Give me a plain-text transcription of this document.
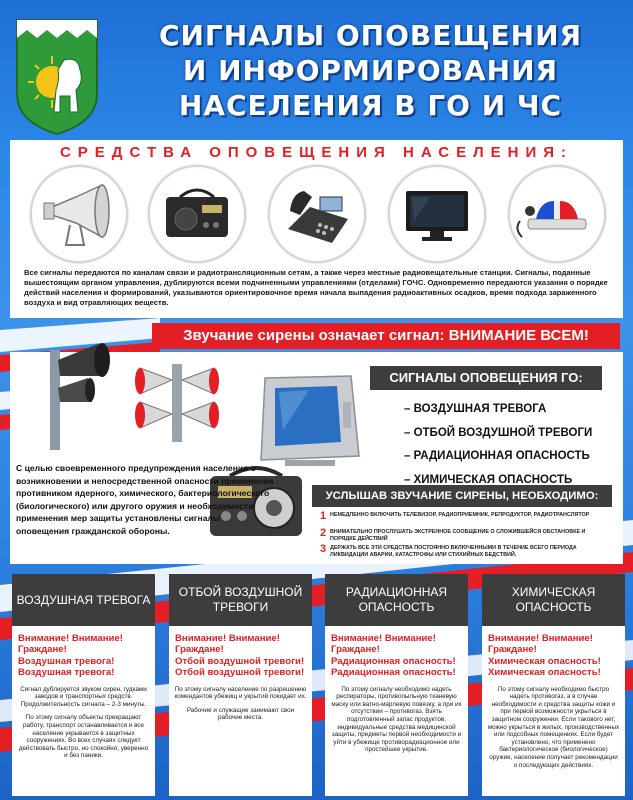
СИГНАЛЫ ОПОВЕЩЕНИЯ
И ИНФОРМИРОВАНИЯ
НАСЕЛЕНИЯ В ГО И ЧС
СРЕДСТВА ОПОВЕЩЕНИЯ НАСЕЛЕНИЯ:
Все сигналы передаются по каналам связи и радиотрансляционным сетям, а также через местные радиовещательные станции. Сигналы, поданные вышестоящим органом управления, дублируются всеми подчиненными управлениями (отделами) ГОЧС. Одновременно передаются указания о порядке действий населения и формирований, указываются ориентировочное время начала выпадения радиоактивных осадков, время подхода зараженного воздуха и вид отравляющих веществ.
Звучание сирены означает сигнал: ВНИМАНИЕ ВСЕМ!
СИГНАЛЫ ОПОВЕЩЕНИЯ ГО:
– ВОЗДУШНАЯ ТРЕВОГА
– ОТБОЙ ВОЗДУШНОЙ ТРЕВОГИ
– РАДИАЦИОННАЯ ОПАСНОСТЬ
– ХИМИЧЕСКАЯ ОПАСНОСТЬ
С целью своевременного предупреждения населения о возникновении и непосредственной опасности применения противником ядерного, химического, бактериологического (биологического) или другого оружия и необходимости применения мер защиты установлены сигналы оповещения гражданской обороны.
УСЛЫШАВ ЗВУЧАНИЕ СИРЕНЫ, НЕОБХОДИМО:
1 НЕМЕДЛЕННО ВКЛЮЧИТЬ ТЕЛЕВИЗОР, РАДИОПРИЕМНИК, РЕПРОДУКТОР, РАДИОТРАНСЛЯТОР
2 ВНИМАТЕЛЬНО ПРОСЛУШАТЬ ЭКСТРЕННОЕ СООБЩЕНИЕ О СЛОЖИВШЕЙСЯ ОБСТАНОВКЕ И ПОРЯДКЕ ДЕЙСТВИЙ
3 ДЕРЖАТЬ ВСЕ ЭТИ СРЕДСТВА ПОСТОЯННО ВКЛЮЧЕННЫМИ В ТЕЧЕНИЕ ВСЕГО ПЕРИОДА ЛИКВИДАЦИИ АВАРИИ, КАТАСТРОФЫ ИЛИ СТИХИЙНЫХ БЕДСТВИЙ.
ВОЗДУШНАЯ ТРЕВОГА
Внимание! Внимание!
Граждане!
Воздушная тревога!
Воздушная тревога!

Сигнал дублируется звуком сирен, гудками заводов и транспортных средств. Продолжительность сигнала – 2-3 минуты.

По этому сигналу объекты прекращают работу, транспорт останавливается и все население укрывается в защитных сооружениях. Во всех случаях следует действовать быстро, но спокойно, уверенно и без паники.

ОТБОЙ ВОЗДУШНОЙ ТРЕВОГИ
Внимание! Внимание!
Граждане!
Отбой воздушной тревоги!
Отбой воздушной тревоги!

По этому сигналу население по разрешению комендантов убежищ и укрытий покидает их.

Рабочие и служащие занимают свои рабочие места.

РАДИАЦИОННАЯ ОПАСНОСТЬ
Внимание! Внимание!
Граждане!
Радиационная опасность!
Радиационная опасность!

По этому сигналу необходимо надеть респираторы, противопыльную тканевую маску или ватно-марлевую повязку, а при их отсутствии – противогаз. Взять подготовленный запас продуктов, индивидуальные средства медицинской защиты, предметы первой необходимости и уйти в убежище противорадиационное или простейшее укрытие.

ХИМИЧЕСКАЯ ОПАСНОСТЬ
Внимание! Внимание!
Граждане!
Химическая опасность!
Химическая опасность!

По этому сигналу необходимо быстро надеть противогаз, а в случае необходимости и средства защиты кожи и при первой возможности укрыться в защитном сооружении. Если такового нет, можно укрыться в жилых, производственных или подсобных помещениях. Если будет установлено, что применено бактериологическое (биологическое) оружие, население получает рекомендации о последующих действиях.
